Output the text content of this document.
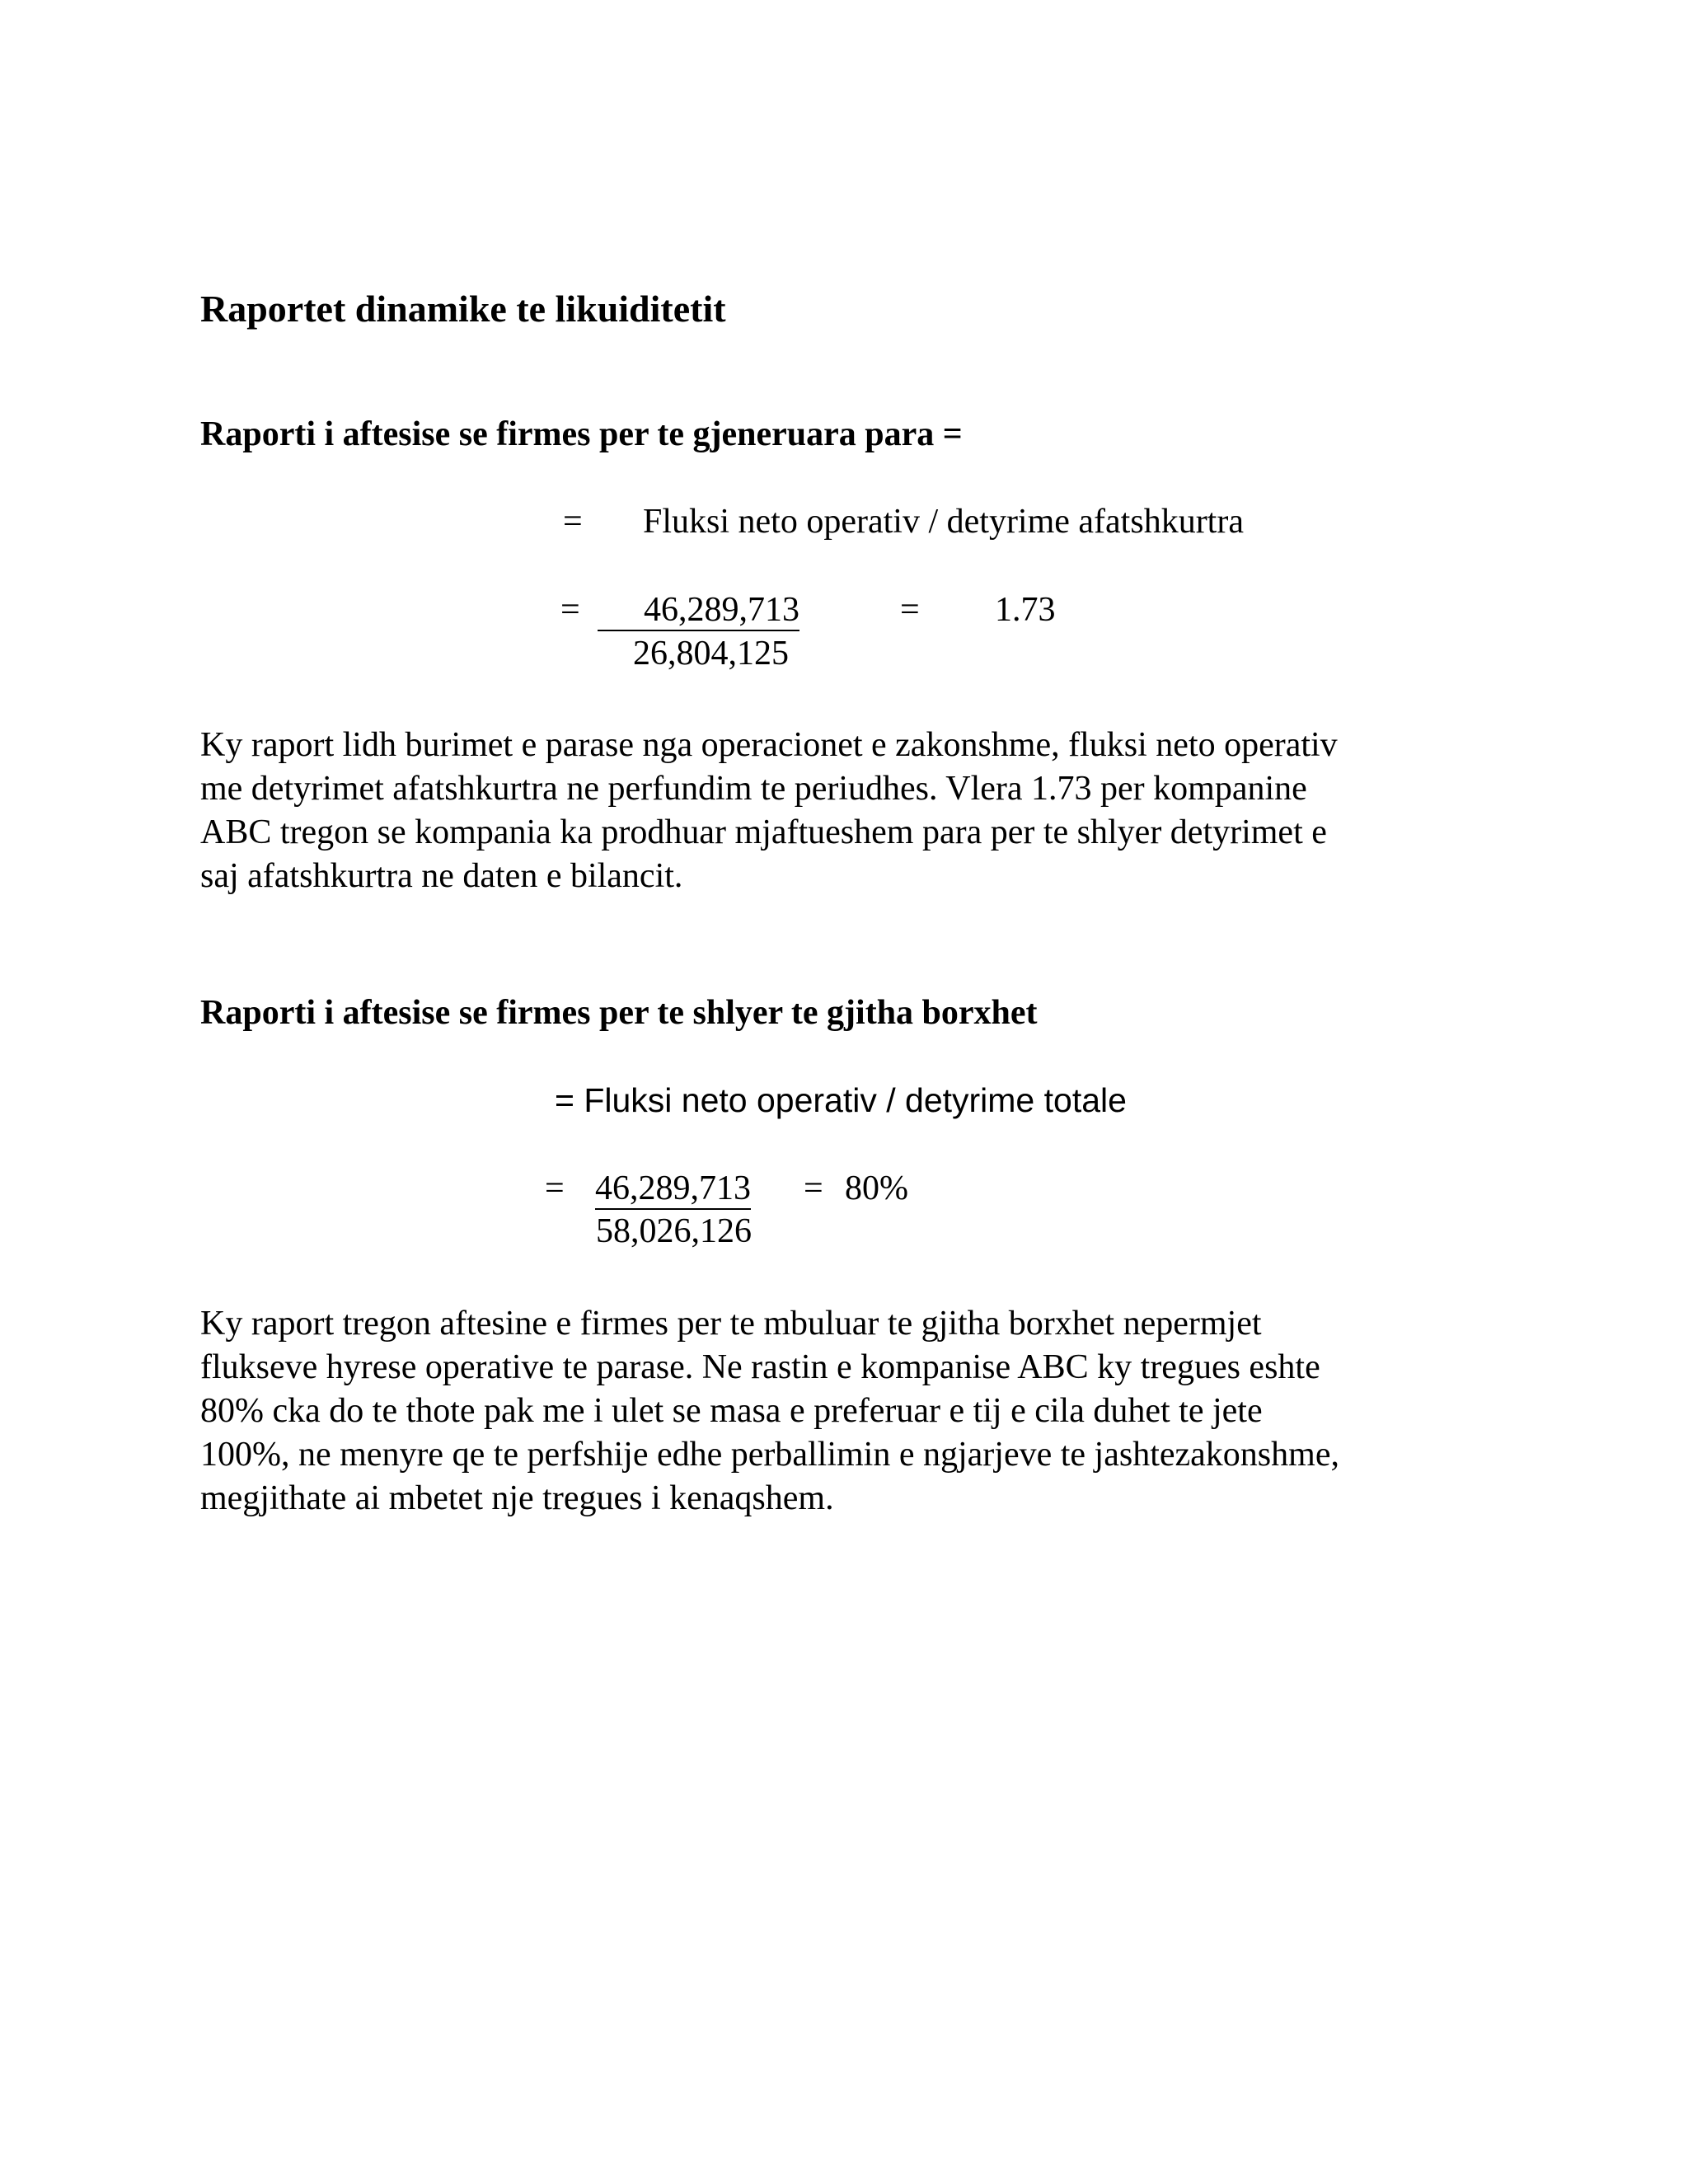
Raportet dinamike te likuiditetit
Raporti i aftesise se firmes per te gjeneruara para =
= Fluksi neto operativ / detyrime afatshkurtra
=	46,289,713	= 1.73
26,804,125
Ky raport lidh burimet e parase nga operacionet e zakonshme, fluksi neto operativ
me detyrimet afatshkurtra ne perfundim te periudhes. Vlera 1.73 per kompanine
ABC tregon se kompania ka prodhuar mjaftueshem para per te shlyer detyrimet e
saj afatshkurtra ne daten e bilancit.
Raporti i aftesise se firmes per te shlyer te gjitha borxhet
= Fluksi neto operativ / detyrime totale
= 46,289,713 = 80%
58,026,126
Ky raport tregon aftesine e firmes per te mbuluar te gjitha borxhet nepermjet
flukseve hyrese operative te parase. Ne rastin e kompanise ABC ky tregues eshte
80% cka do te thote pak me i ulet se masa e preferuar e tij e cila duhet te jete
100%, ne menyre qe te perfshije edhe perballimin e ngjarjeve te jashtezakonshme,
megjithate ai mbetet nje tregues i kenaqshem.
